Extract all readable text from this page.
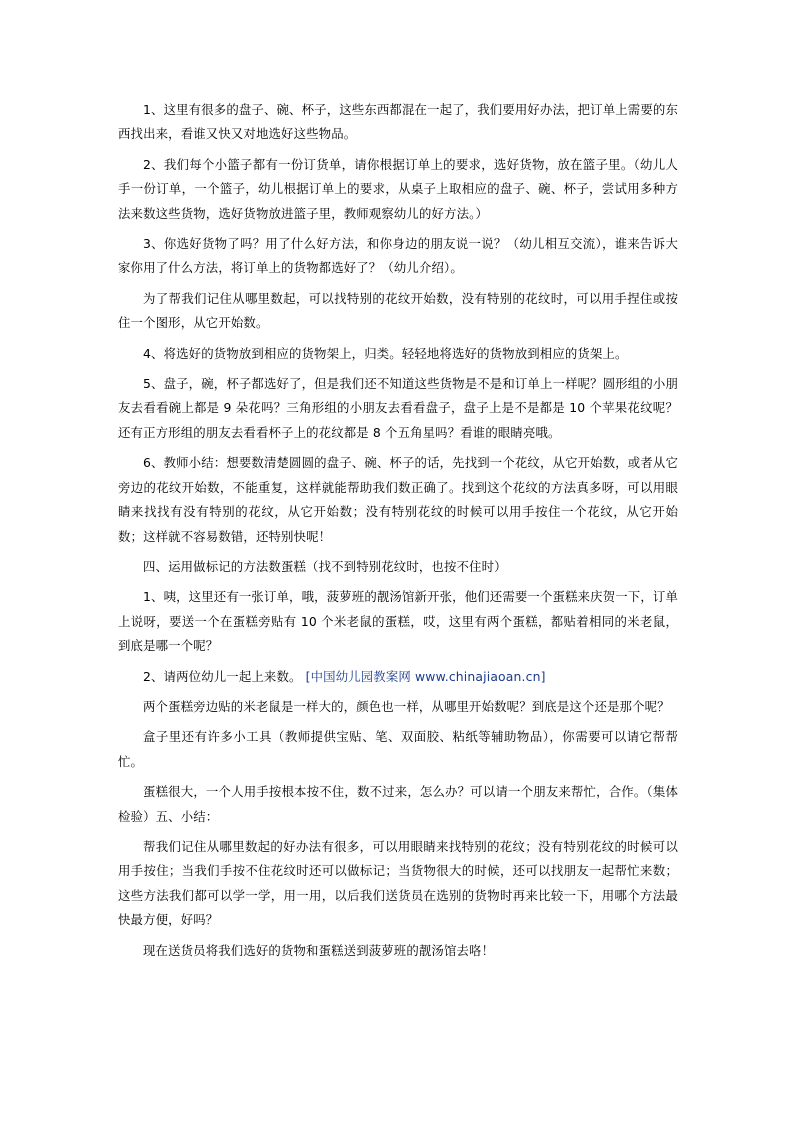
1、这里有很多的盘子、碗、杯子，这些东西都混在一起了，我们要用好办法，把订单上需要的东西找出来，看谁又快又对地选好这些物品。

2、我们每个小篮子都有一份订货单，请你根据订单上的要求，选好货物，放在篮子里。（幼儿人手一份订单，一个篮子，幼儿根据订单上的要求，从桌子上取相应的盘子、碗、杯子，尝试用多种方法来数这些货物，选好货物放进篮子里，教师观察幼儿的好方法。）

3、你选好货物了吗？用了什么好方法，和你身边的朋友说一说？（幼儿相互交流），谁来告诉大家你用了什么方法，将订单上的货物都选好了？（幼儿介绍）。

为了帮我们记住从哪里数起，可以找特别的花纹开始数，没有特别的花纹时，可以用手捏住或按住一个图形，从它开始数。

4、将选好的货物放到相应的货物架上，归类。轻轻地将选好的货物放到相应的货架上。

5、盘子，碗，杯子都选好了，但是我们还不知道这些货物是不是和订单上一样呢？圆形组的小朋友去看看碗上都是 9 朵花吗？三角形组的小朋友去看看盘子，盘子上是不是都是 10 个苹果花纹呢？还有正方形组的朋友去看看杯子上的花纹都是 8 个五角星吗？看谁的眼睛亮哦。

6、教师小结：想要数清楚圆圆的盘子、碗、杯子的话，先找到一个花纹，从它开始数，或者从它旁边的花纹开始数，不能重复，这样就能帮助我们数正确了。找到这个花纹的方法真多呀，可以用眼睛来找找有没有特别的花纹，从它开始数；没有特别花纹的时候可以用手按住一个花纹，从它开始数；这样就不容易数错，还特别快呢！

四、运用做标记的方法数蛋糕（找不到特别花纹时，也按不住时）

1、咦，这里还有一张订单，哦，菠萝班的靓汤馆新开张，他们还需要一个蛋糕来庆贺一下，订单上说呀，要送一个在蛋糕旁贴有 10 个米老鼠的蛋糕，哎，这里有两个蛋糕，都贴着相同的米老鼠，到底是哪一个呢？

2、请两位幼儿一起上来数。 [中国幼儿园教案网 www.chinajiaoan.cn]

两个蛋糕旁边贴的米老鼠是一样大的，颜色也一样，从哪里开始数呢？到底是这个还是那个呢？

盒子里还有许多小工具（教师提供宝贴、笔、双面胶、粘纸等辅助物品），你需要可以请它帮帮忙。

蛋糕很大，一个人用手按根本按不住，数不过来，怎么办？可以请一个朋友来帮忙，合作。（集体检验）五、小结：

帮我们记住从哪里数起的好办法有很多，可以用眼睛来找特别的花纹；没有特别花纹的时候可以用手按住；当我们手按不住花纹时还可以做标记；当货物很大的时候，还可以找朋友一起帮忙来数；这些方法我们都可以学一学，用一用，以后我们送货员在选别的货物时再来比较一下，用哪个方法最快最方便，好吗？

现在送货员将我们选好的货物和蛋糕送到菠萝班的靓汤馆去咯！
